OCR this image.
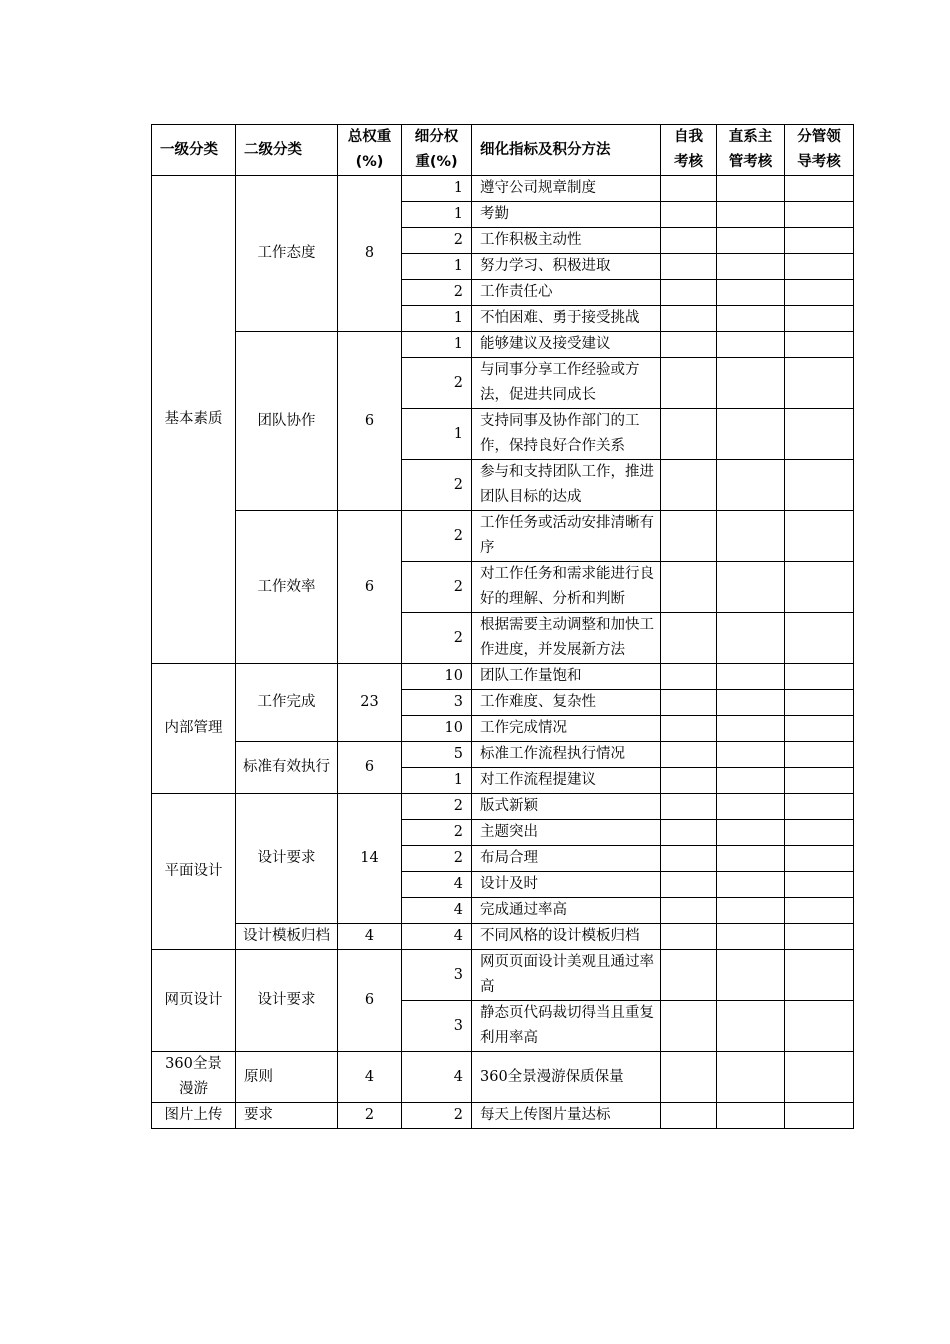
一级分类	二级分类	总权重(%)	细分权重(%)	细化指标及积分方法	自我考核	直系主管考核	分管领导考核
基本素质	工作态度	8	1	遵守公司规章制度			
			1	考勤			
			2	工作积极主动性			
			1	努力学习、积极进取			
			2	工作责任心			
			1	不怕困难、勇于接受挑战			
	团队协作	6	1	能够建议及接受建议			
			2	与同事分享工作经验或方法，促进共同成长			
			1	支持同事及协作部门的工作，保持良好合作关系			
			2	参与和支持团队工作，推进团队目标的达成			
	工作效率	6	2	工作任务或活动安排清晰有序			
			2	对工作任务和需求能进行良好的理解、分析和判断			
			2	根据需要主动调整和加快工作进度，并发展新方法			
内部管理	工作完成	23	10	团队工作量饱和			
			3	工作难度、复杂性			
			10	工作完成情况			
	标准有效执行	6	5	标准工作流程执行情况			
			1	对工作流程提建议			
平面设计	设计要求	14	2	版式新颖			
			2	主题突出			
			2	布局合理			
			4	设计及时			
			4	完成通过率高			
	设计模板归档	4	4	不同风格的设计模板归档			
网页设计	设计要求	6	3	网页页面设计美观且通过率高			
			3	静态页代码裁切得当且重复利用率高			
360全景漫游	原则	4	4	360全景漫游保质保量			
图片上传	要求	2	2	每天上传图片量达标			
